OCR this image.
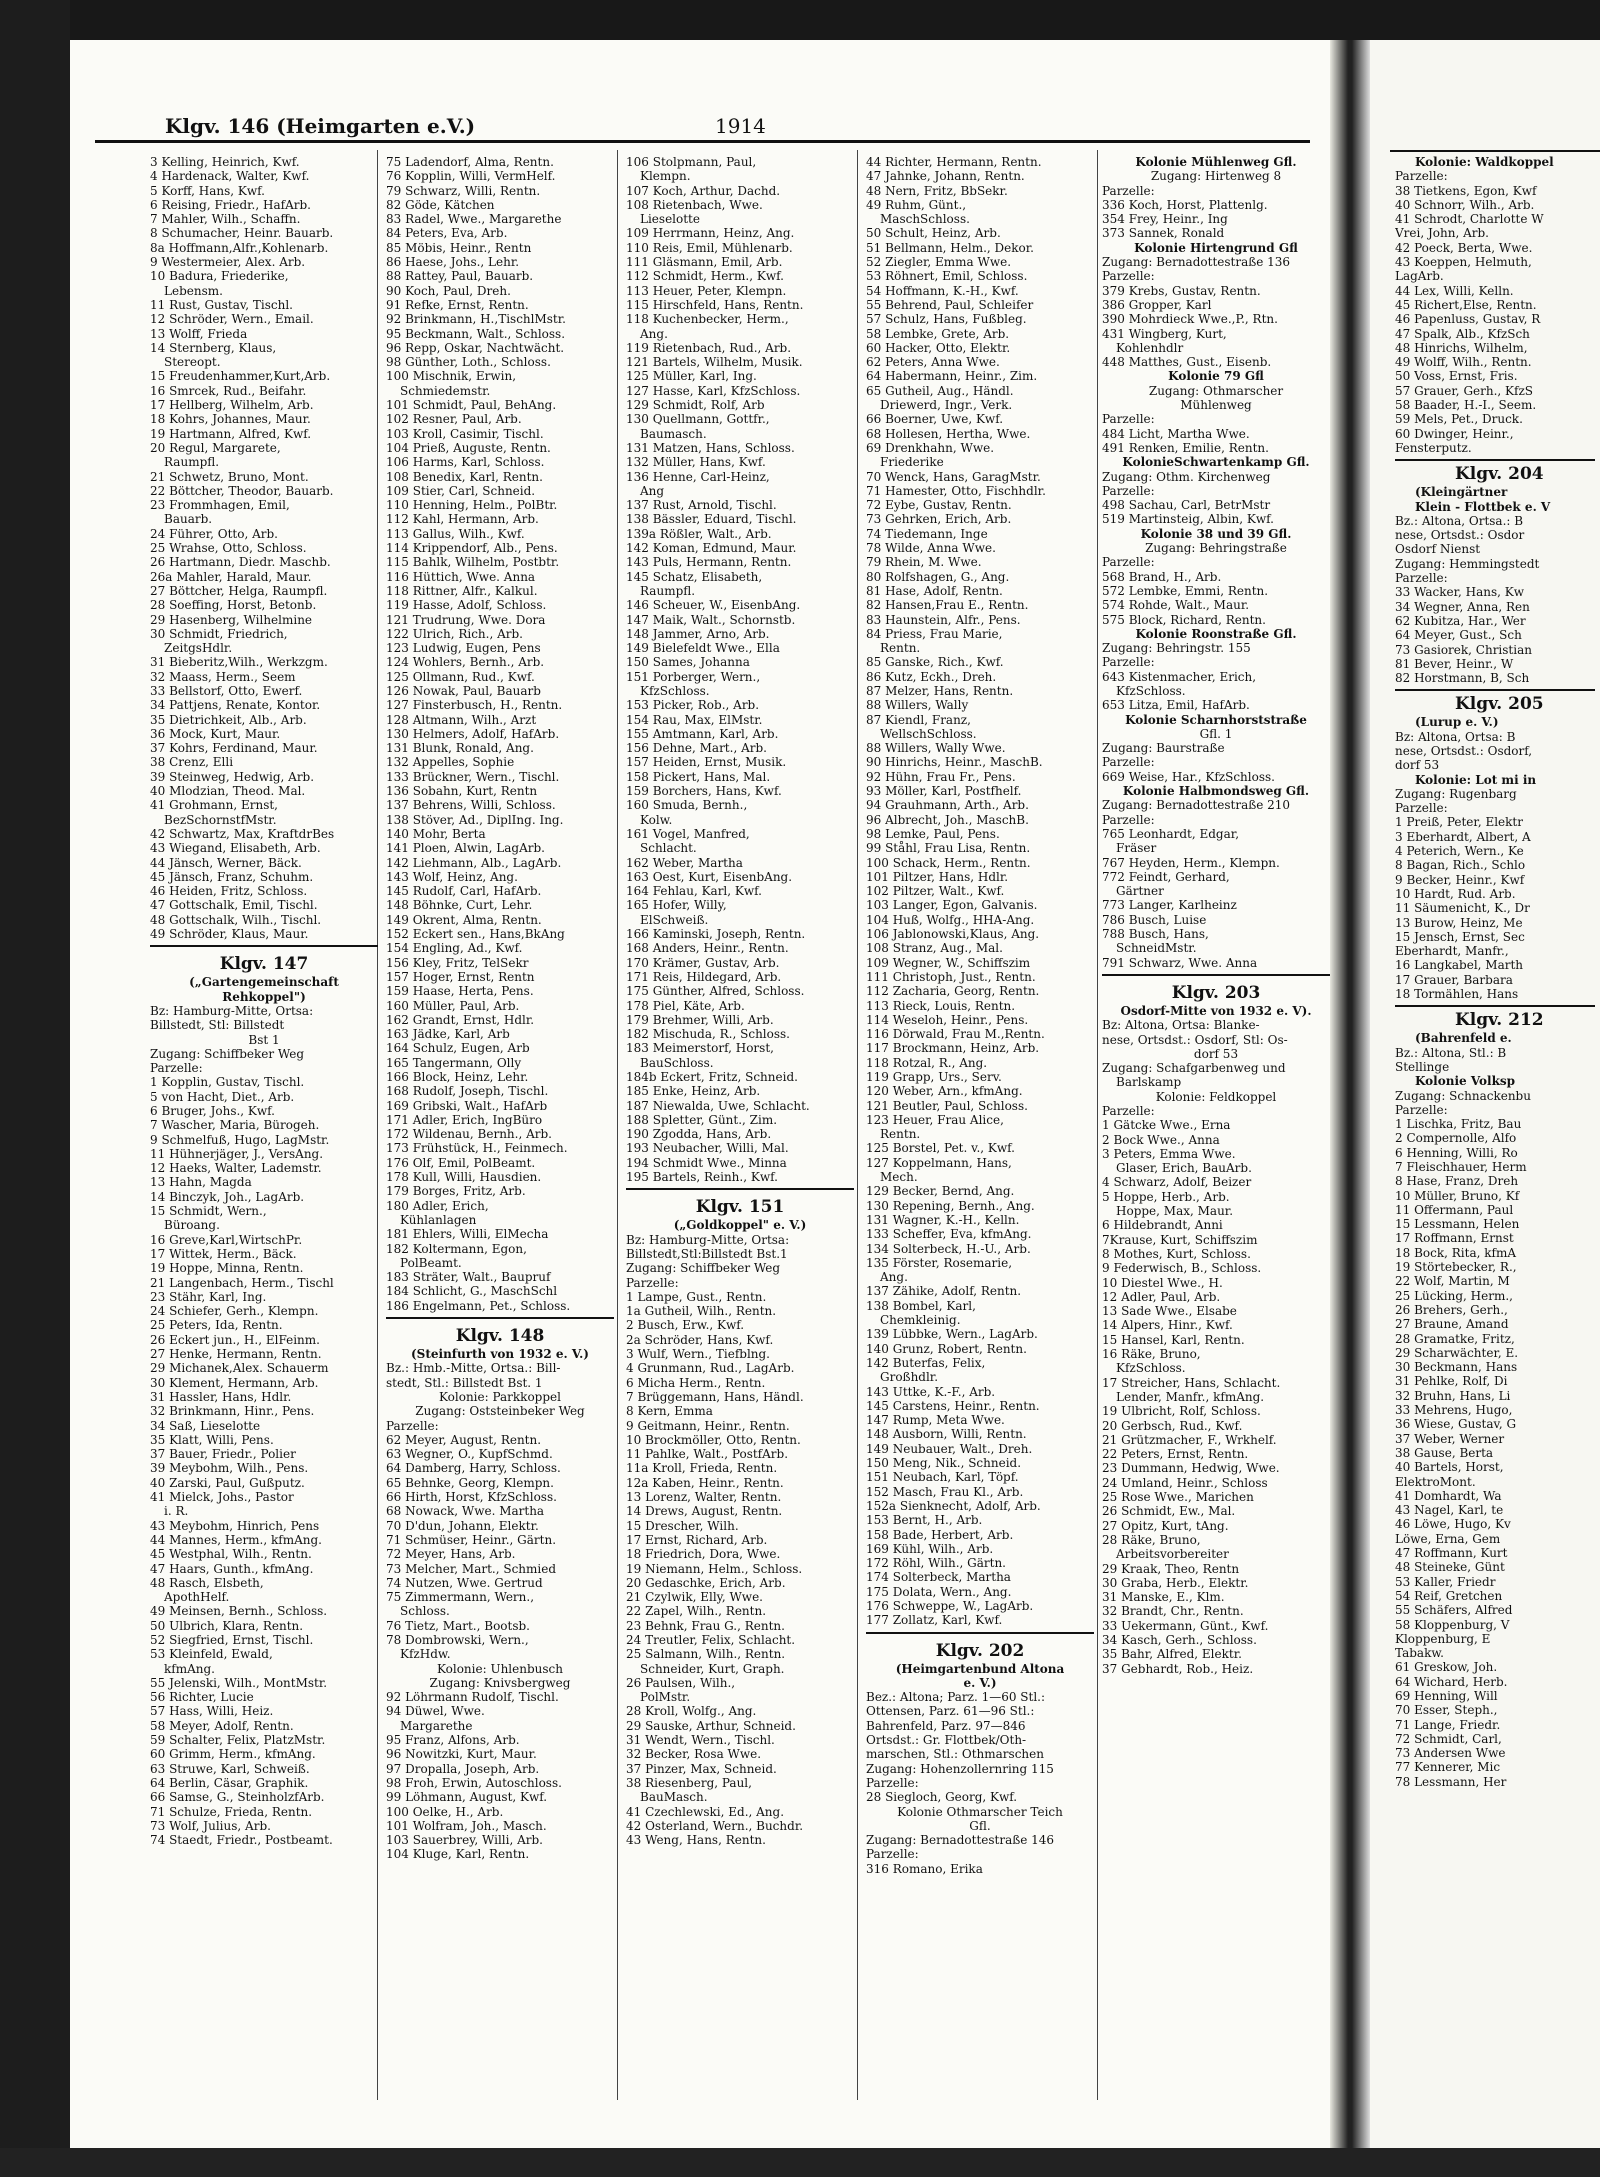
Klgv. 146 (Heimgarten e.V.)	1914
3 Kelling, Heinrich, Kwf.
4 Hardenack, Walter, Kwf.
5 Korff, Hans, Kwf.
6 Reising, Friedr., HafArb.
7 Mahler, Wilh., Schaffn.
8 Schumacher, Heinr. Bauarb.
8a Hoffmann,Alfr.,Kohlenarb.
9 Westermeier, Alex. Arb.
10 Badura, Friederike,
Lebensm.
11 Rust, Gustav, Tischl.
12 Schröder, Wern., Email.
13 Wolff, Frieda
14 Sternberg, Klaus,
Stereopt.
15 Freudenhammer,Kurt,Arb.
16 Smrcek, Rud., Beifahr.
17 Hellberg, Wilhelm, Arb.
18 Kohrs, Johannes, Maur.
19 Hartmann, Alfred, Kwf.
20 Regul, Margarete,
Raumpfl.
21 Schwetz, Bruno, Mont.
22 Böttcher, Theodor, Bauarb.
23 Frommhagen, Emil,
Bauarb.
24 Führer, Otto, Arb.
25 Wrahse, Otto, Schloss.
26 Hartmann, Diedr. Maschb.
26a Mahler, Harald, Maur.
27 Böttcher, Helga, Raumpfl.
28 Soeffing, Horst, Betonb.
29 Hasenberg, Wilhelmine
30 Schmidt, Friedrich,
ZeitgsHdlr.
31 Bieberitz,Wilh., Werkzgm.
32 Maass, Herm., Seem
33 Bellstorf, Otto, Ewerf.
34 Pattjens, Renate, Kontor.
35 Dietrichkeit, Alb., Arb.
36 Mock, Kurt, Maur.
37 Kohrs, Ferdinand, Maur.
38 Crenz, Elli
39 Steinweg, Hedwig, Arb.
40 Mlodzian, Theod. Mal.
41 Grohmann, Ernst,
BezSchornstfMstr.
42 Schwartz, Max, KraftdrBes
43 Wiegand, Elisabeth, Arb.
44 Jänsch, Werner, Bäck.
45 Jänsch, Franz, Schuhm.
46 Heiden, Fritz, Schloss.
47 Gottschalk, Emil, Tischl.
48 Gottschalk, Wilh., Tischl.
49 Schröder, Klaus, Maur.
Klgv. 147
(„Gartengemeinschaft
Rehkoppel")
Bz: Hamburg-Mitte, Ortsa:
Billstedt, Stl: Billstedt
Bst 1
Zugang: Schiffbeker Weg
Parzelle:
1 Kopplin, Gustav, Tischl.
5 von Hacht, Diet., Arb.
6 Bruger, Johs., Kwf.
7 Wascher, Maria, Bürogeh.
9 Schmelfuß, Hugo, LagMstr.
11 Hühnerjäger, J., VersAng.
12 Haeks, Walter, Lademstr.
13 Hahn, Magda
14 Binczyk, Joh., LagArb.
15 Schmidt, Wern.,
Büroang.
16 Greve,Karl,WirtschPr.
17 Wittek, Herm., Bäck.
19 Hoppe, Minna, Rentn.
21 Langenbach, Herm., Tischl
23 Stähr, Karl, Ing.
24 Schiefer, Gerh., Klempn.
25 Peters, Ida, Rentn.
26 Eckert jun., H., ElFeinm.
27 Henke, Hermann, Rentn.
29 Michanek,Alex. Schauerm
30 Klement, Hermann, Arb.
31 Hassler, Hans, Hdlr.
32 Brinkmann, Hinr., Pens.
34 Saß, Lieselotte
35 Klatt, Willi, Pens.
37 Bauer, Friedr., Polier
39 Meybohm, Wilh., Pens.
40 Zarski, Paul, Gußputz.
41 Mielck, Johs., Pastor
i. R.
43 Meybohm, Hinrich, Pens
44 Mannes, Herm., kfmAng.
45 Westphal, Wilh., Rentn.
47 Haars, Gunth., kfmAng.
48 Rasch, Elsbeth,
ApothHelf.
49 Meinsen, Bernh., Schloss.
50 Ulbrich, Klara, Rentn.
52 Siegfried, Ernst, Tischl.
53 Kleinfeld, Ewald,
kfmAng.
55 Jelenski, Wilh., MontMstr.
56 Richter, Lucie
57 Hass, Willi, Heiz.
58 Meyer, Adolf, Rentn.
59 Schalter, Felix, PlatzMstr.
60 Grimm, Herm., kfmAng.
63 Struwe, Karl, Schweiß.
64 Berlin, Cäsar, Graphik.
66 Samse, G., SteinholzfArb.
71 Schulze, Frieda, Rentn.
73 Wolf, Julius, Arb.
74 Staedt, Friedr., Postbeamt.
75 Ladendorf, Alma, Rentn.
76 Kopplin, Willi, VermHelf.
79 Schwarz, Willi, Rentn.
82 Göde, Kätchen
83 Radel, Wwe., Margarethe
84 Peters, Eva, Arb.
85 Möbis, Heinr., Rentn
86 Haese, Johs., Lehr.
88 Rattey, Paul, Bauarb.
90 Koch, Paul, Dreh.
91 Refke, Ernst, Rentn.
92 Brinkmann, H.,TischlMstr.
95 Beckmann, Walt., Schloss.
96 Repp, Oskar, Nachtwächt.
98 Günther, Loth., Schloss.
100 Mischnik, Erwin,
Schmiedemstr.
101 Schmidt, Paul, BehAng.
102 Resner, Paul, Arb.
103 Kroll, Casimir, Tischl.
104 Prieß, Auguste, Rentn.
106 Harms, Karl, Schloss.
108 Benedix, Karl, Rentn.
109 Stier, Carl, Schneid.
110 Henning, Helm., PolBtr.
112 Kahl, Hermann, Arb.
113 Gallus, Wilh., Kwf.
114 Krippendorf, Alb., Pens.
115 Bahlk, Wilhelm, Postbtr.
116 Hüttich, Wwe. Anna
118 Rittner, Alfr., Kalkul.
119 Hasse, Adolf, Schloss.
121 Trudrung, Wwe. Dora
122 Ulrich, Rich., Arb.
123 Ludwig, Eugen, Pens
124 Wohlers, Bernh., Arb.
125 Ollmann, Rud., Kwf.
126 Nowak, Paul, Bauarb
127 Finsterbusch, H., Rentn.
128 Altmann, Wilh., Arzt
130 Helmers, Adolf, HafArb.
131 Blunk, Ronald, Ang.
132 Appelles, Sophie
133 Brückner, Wern., Tischl.
136 Sobahn, Kurt, Rentn
137 Behrens, Willi, Schloss.
138 Stöver, Ad., DiplIng. Ing.
140 Mohr, Berta
141 Ploen, Alwin, LagArb.
142 Liehmann, Alb., LagArb.
143 Wolf, Heinz, Ang.
145 Rudolf, Carl, HafArb.
148 Böhnke, Curt, Lehr.
149 Okrent, Alma, Rentn.
152 Eckert sen., Hans,BkAng
154 Engling, Ad., Kwf.
156 Kley, Fritz, TelSekr
157 Hoger, Ernst, Rentn
159 Haase, Herta, Pens.
160 Müller, Paul, Arb.
162 Grandt, Ernst, Hdlr.
163 Jädke, Karl, Arb
164 Schulz, Eugen, Arb
165 Tangermann, Olly
166 Block, Heinz, Lehr.
168 Rudolf, Joseph, Tischl.
169 Gribski, Walt., HafArb
171 Adler, Erich, IngBüro
172 Wildenau, Bernh., Arb.
173 Frühstück, H., Feinmech.
176 Olf, Emil, PolBeamt.
178 Kull, Willi, Hausdien.
179 Borges, Fritz, Arb.
180 Adler, Erich,
Kühlanlagen
181 Ehlers, Willi, ElMecha
182 Koltermann, Egon,
PolBeamt.
183 Sträter, Walt., Baupruf
184 Schlicht, G., MaschSchl
186 Engelmann, Pet., Schloss.
Klgv. 148
(Steinfurth von 1932 e. V.)
Bz.: Hmb.-Mitte, Ortsa.: Bill-
stedt, Stl.: Billstedt Bst. 1
Kolonie: Parkkoppel
Zugang: Oststeinbeker Weg
Parzelle:
62 Meyer, August, Rentn.
63 Wegner, O., KupfSchmd.
64 Damberg, Harry, Schloss.
65 Behnke, Georg, Klempn.
66 Hirth, Horst, KfzSchloss.
68 Nowack, Wwe. Martha
70 D'dun, Johann, Elektr.
71 Schmüser, Heinr., Gärtn.
72 Meyer, Hans, Arb.
73 Melcher, Mart., Schmied
74 Nutzen, Wwe. Gertrud
75 Zimmermann, Wern.,
Schloss.
76 Tietz, Mart., Bootsb.
78 Dombrowski, Wern.,
KfzHdw.
Kolonie: Uhlenbusch
Zugang: Knivsbergweg
92 Löhrmann Rudolf, Tischl.
94 Düwel, Wwe.
Margarethe
95 Franz, Alfons, Arb.
96 Nowitzki, Kurt, Maur.
97 Dropalla, Joseph, Arb.
98 Froh, Erwin, Autoschloss.
99 Löhmann, August, Kwf.
100 Oelke, H., Arb.
101 Wolfram, Joh., Masch.
103 Sauerbrey, Willi, Arb.
104 Kluge, Karl, Rentn.
106 Stolpmann, Paul,
Klempn.
107 Koch, Arthur, Dachd.
108 Rietenbach, Wwe.
Lieselotte
109 Herrmann, Heinz, Ang.
110 Reis, Emil, Mühlenarb.
111 Gläsmann, Emil, Arb.
112 Schmidt, Herm., Kwf.
113 Heuer, Peter, Klempn.
115 Hirschfeld, Hans, Rentn.
118 Kuchenbecker, Herm.,
Ang.
119 Rietenbach, Rud., Arb.
121 Bartels, Wilhelm, Musik.
125 Müller, Karl, Ing.
127 Hasse, Karl, KfzSchloss.
129 Schmidt, Rolf, Arb
130 Quellmann, Gottfr.,
Baumasch.
131 Matzen, Hans, Schloss.
132 Müller, Hans, Kwf.
136 Henne, Carl-Heinz,
Ang
137 Rust, Arnold, Tischl.
138 Bässler, Eduard, Tischl.
139a Rößler, Walt., Arb.
142 Koman, Edmund, Maur.
143 Puls, Hermann, Rentn.
145 Schatz, Elisabeth,
Raumpfl.
146 Scheuer, W., EisenbAng.
147 Maik, Walt., Schornstb.
148 Jammer, Arno, Arb.
149 Bielefeldt Wwe., Ella
150 Sames, Johanna
151 Porberger, Wern.,
KfzSchloss.
153 Picker, Rob., Arb.
154 Rau, Max, ElMstr.
155 Amtmann, Karl, Arb.
156 Dehne, Mart., Arb.
157 Heiden, Ernst, Musik.
158 Pickert, Hans, Mal.
159 Borchers, Hans, Kwf.
160 Smuda, Bernh.,
Kolw.
161 Vogel, Manfred,
Schlacht.
162 Weber, Martha
163 Oest, Kurt, EisenbAng.
164 Fehlau, Karl, Kwf.
165 Hofer, Willy,
ElSchweiß.
166 Kaminski, Joseph, Rentn.
168 Anders, Heinr., Rentn.
170 Krämer, Gustav, Arb.
171 Reis, Hildegard, Arb.
175 Günther, Alfred, Schloss.
178 Piel, Käte, Arb.
179 Brehmer, Willi, Arb.
182 Mischuda, R., Schloss.
183 Meimerstorf, Horst,
BauSchloss.
184b Eckert, Fritz, Schneid.
185 Enke, Heinz, Arb.
187 Niewalda, Uwe, Schlacht.
188 Spletter, Günt., Zim.
190 Zgodda, Hans, Arb.
193 Neubacher, Willi, Mal.
194 Schmidt Wwe., Minna
195 Bartels, Reinh., Kwf.
Klgv. 151
(„Goldkoppel" e. V.)
Bz: Hamburg-Mitte, Ortsa:
Billstedt,Stl:Billstedt Bst.1
Zugang: Schiffbeker Weg
Parzelle:
1 Lampe, Gust., Rentn.
1a Gutheil, Wilh., Rentn.
2 Busch, Erw., Kwf.
2a Schröder, Hans, Kwf.
3 Wulf, Wern., Tiefblng.
4 Grunmann, Rud., LagArb.
6 Micha Herm., Rentn.
7 Brüggemann, Hans, Händl.
8 Kern, Emma
9 Geitmann, Heinr., Rentn.
10 Brockmöller, Otto, Rentn.
11 Pahlke, Walt., PostfArb.
11a Kroll, Frieda, Rentn.
12a Kaben, Heinr., Rentn.
13 Lorenz, Walter, Rentn.
14 Drews, August, Rentn.
15 Drescher, Wilh.
17 Ernst, Richard, Arb.
18 Friedrich, Dora, Wwe.
19 Niemann, Helm., Schloss.
20 Gedaschke, Erich, Arb.
21 Czylwik, Elly, Wwe.
22 Zapel, Wilh., Rentn.
23 Behnk, Frau G., Rentn.
24 Treutler, Felix, Schlacht.
25 Salmann, Wilh., Rentn.
Schneider, Kurt, Graph.
26 Paulsen, Wilh.,
PolMstr.
28 Kroll, Wolfg., Ang.
29 Sauske, Arthur, Schneid.
31 Wendt, Wern., Tischl.
32 Becker, Rosa Wwe.
37 Pinzer, Max, Schneid.
38 Riesenberg, Paul,
BauMasch.
41 Czechlewski, Ed., Ang.
42 Osterland, Wern., Buchdr.
43 Weng, Hans, Rentn.
44 Richter, Hermann, Rentn.
47 Jahnke, Johann, Rentn.
48 Nern, Fritz, BbSekr.
49 Ruhm, Günt.,
MaschSchloss.
50 Schult, Heinz, Arb.
51 Bellmann, Helm., Dekor.
52 Ziegler, Emma Wwe.
53 Röhnert, Emil, Schloss.
54 Hoffmann, K.-H., Kwf.
55 Behrend, Paul, Schleifer
57 Schulz, Hans, Fußbleg.
58 Lembke, Grete, Arb.
60 Hacker, Otto, Elektr.
62 Peters, Anna Wwe.
64 Habermann, Heinr., Zim.
65 Gutheil, Aug., Händl.
Driewerd, Ingr., Verk.
66 Boerner, Uwe, Kwf.
68 Hollesen, Hertha, Wwe.
69 Drenkhahn, Wwe.
Friederike
70 Wenck, Hans, GaragMstr.
71 Hamester, Otto, Fischhdlr.
72 Eybe, Gustav, Rentn.
73 Gehrken, Erich, Arb.
74 Tiedemann, Inge
78 Wilde, Anna Wwe.
79 Rhein, M. Wwe.
80 Rolfshagen, G., Ang.
81 Hase, Adolf, Rentn.
82 Hansen,Frau E., Rentn.
83 Haunstein, Alfr., Pens.
84 Priess, Frau Marie,
Rentn.
85 Ganske, Rich., Kwf.
86 Kutz, Eckh., Dreh.
87 Melzer, Hans, Rentn.
88 Willers, Wally
87 Kiendl, Franz,
WellschSchloss.
88 Willers, Wally Wwe.
90 Hinrichs, Heinr., MaschB.
92 Hühn, Frau Fr., Pens.
93 Möller, Karl, Postfhelf.
94 Grauhmann, Arth., Arb.
96 Albrecht, Joh., MaschB.
98 Lemke, Paul, Pens.
99 Ståhl, Frau Lisa, Rentn.
100 Schack, Herm., Rentn.
101 Piltzer, Hans, Hdlr.
102 Piltzer, Walt., Kwf.
103 Langer, Egon, Galvanis.
104 Huß, Wolfg., HHA-Ang.
106 Jablonowski,Klaus, Ang.
108 Stranz, Aug., Mal.
109 Wegner, W., Schiffszim
111 Christoph, Just., Rentn.
112 Zacharia, Georg, Rentn.
113 Rieck, Louis, Rentn.
114 Weseloh, Heinr., Pens.
116 Dörwald, Frau M.,Rentn.
117 Brockmann, Heinz, Arb.
118 Rotzal, R., Ang.
119 Grapp, Urs., Serv.
120 Weber, Arn., kfmAng.
121 Beutler, Paul, Schloss.
123 Heuer, Frau Alice,
Rentn.
125 Borstel, Pet. v., Kwf.
127 Koppelmann, Hans,
Mech.
129 Becker, Bernd, Ang.
130 Repening, Bernh., Ang.
131 Wagner, K.-H., Kelln.
133 Scheffer, Eva, kfmAng.
134 Solterbeck, H.-U., Arb.
135 Förster, Rosemarie,
Ang.
137 Zähike, Adolf, Rentn.
138 Bombel, Karl,
Chemkleinig.
139 Lübbke, Wern., LagArb.
140 Grunz, Robert, Rentn.
142 Buterfas, Felix,
Großhdlr.
143 Uttke, K.-F., Arb.
145 Carstens, Heinr., Rentn.
147 Rump, Meta Wwe.
148 Ausborn, Willi, Rentn.
149 Neubauer, Walt., Dreh.
150 Meng, Nik., Schneid.
151 Neubach, Karl, Töpf.
152 Masch, Frau Kl., Arb.
152a Sienknecht, Adolf, Arb.
153 Bernt, H., Arb.
158 Bade, Herbert, Arb.
169 Kühl, Wilh., Arb.
172 Röhl, Wilh., Gärtn.
174 Solterbeck, Martha
175 Dolata, Wern., Ang.
176 Schweppe, W., LagArb.
177 Zollatz, Karl, Kwf.
Klgv. 202
(Heimgartenbund Altona
e. V.)
Bez.: Altona; Parz. 1—60 Stl.:
Ottensen, Parz. 61—96 Stl.:
Bahrenfeld, Parz. 97—846
Ortsdst.: Gr. Flottbek/Oth-
marschen, Stl.: Othmarschen
Zugang: Hohenzollernring 115
Parzelle:
28 Siegloch, Georg, Kwf.
Kolonie Othmarscher Teich
Gfl.
Zugang: Bernadottestraße 146
Parzelle:
316 Romano, Erika
Kolonie Mühlenweg Gfl.
Zugang: Hirtenweg 8
Parzelle:
336 Koch, Horst, Plattenlg.
354 Frey, Heinr., Ing
373 Sannek, Ronald
Kolonie Hirtengrund Gfl
Zugang: Bernadottestraße 136
Parzelle:
379 Krebs, Gustav, Rentn.
386 Gropper, Karl
390 Mohrdieck Wwe.,P., Rtn.
431 Wingberg, Kurt,
Kohlenhdlr
448 Matthes, Gust., Eisenb.
Kolonie 79 Gfl
Zugang: Othmarscher
Mühlenweg
Parzelle:
484 Licht, Martha Wwe.
491 Renken, Emilie, Rentn.
KolonieSchwartenkamp Gfl.
Zugang: Othm. Kirchenweg
Parzelle:
498 Sachau, Carl, BetrMstr
519 Martinsteig, Albin, Kwf.
Kolonie 38 und 39 Gfl.
Zugang: Behringstraße
Parzelle:
568 Brand, H., Arb.
572 Lembke, Emmi, Rentn.
574 Rohde, Walt., Maur.
575 Block, Richard, Rentn.
Kolonie Roonstraße Gfl.
Zugang: Behringstr. 155
Parzelle:
643 Kistenmacher, Erich,
KfzSchloss.
653 Litza, Emil, HafArb.
Kolonie Scharnhorststraße
Gfl. 1
Zugang: Baurstraße
Parzelle:
669 Weise, Har., KfzSchloss.
Kolonie Halbmondsweg Gfl.
Zugang: Bernadottestraße 210
Parzelle:
765 Leonhardt, Edgar,
Fräser
767 Heyden, Herm., Klempn.
772 Feindt, Gerhard,
Gärtner
773 Langer, Karlheinz
786 Busch, Luise
788 Busch, Hans,
SchneidMstr.
791 Schwarz, Wwe. Anna
Klgv. 203
Osdorf-Mitte von 1932 e. V).
Bz: Altona, Ortsa: Blanke-
nese, Ortsdst.: Osdorf, Stl: Os-
dorf 53
Zugang: Schafgarbenweg und
Barlskamp
Kolonie: Feldkoppel
Parzelle:
1 Gätcke Wwe., Erna
2 Bock Wwe., Anna
3 Peters, Emma Wwe.
Glaser, Erich, BauArb.
4 Schwarz, Adolf, Beizer
5 Hoppe, Herb., Arb.
Hoppe, Max, Maur.
6 Hildebrandt, Anni
7Krause, Kurt, Schiffszim
8 Mothes, Kurt, Schloss.
9 Federwisch, B., Schloss.
10 Diestel Wwe., H.
12 Adler, Paul, Arb.
13 Sade Wwe., Elsabe
14 Alpers, Hinr., Kwf.
15 Hansel, Karl, Rentn.
16 Räke, Bruno,
KfzSchloss.
17 Streicher, Hans, Schlacht.
Lender, Manfr., kfmAng.
19 Ulbricht, Rolf, Schloss.
20 Gerbsch, Rud., Kwf.
21 Grützmacher, F., Wrkhelf.
22 Peters, Ernst, Rentn.
23 Dummann, Hedwig, Wwe.
24 Umland, Heinr., Schloss
25 Rose Wwe., Marichen
26 Schmidt, Ew., Mal.
27 Opitz, Kurt, tAng.
28 Räke, Bruno,
Arbeitsvorbereiter
29 Kraak, Theo, Rentn
30 Graba, Herb., Elektr.
31 Manske, E., Klm.
32 Brandt, Chr., Rentn.
33 Uekermann, Günt., Kwf.
34 Kasch, Gerh., Schloss.
35 Bahr, Alfred, Elektr.
37 Gebhardt, Rob., Heiz.
Kolonie: Waldkoppel
Parzelle:
38 Tietkens, Egon, Kwf
40 Schnorr, Wilh., Arb.
41 Schrodt, Charlotte W
Vrei, John, Arb.
42 Poeck, Berta, Wwe.
43 Koeppen, Helmuth,
LagArb.
44 Lex, Willi, Kelln.
45 Richert,Else, Rentn.
46 Papenluss, Gustav, R
47 Spalk, Alb., KfzSch
48 Hinrichs, Wilhelm,
49 Wolff, Wilh., Rentn.
50 Voss, Ernst, Fris.
57 Grauer, Gerh., KfzS
58 Baader, H.-I., Seem.
59 Mels, Pet., Druck.
60 Dwinger, Heinr.,
Fensterputz.
Klgv. 204
(Kleingärtner
Klein - Flottbek e. V
Bz.: Altona, Ortsa.: B
nese, Ortsdst.: Osdor
Osdorf Nienst
Zugang: Hemmingstedt
Parzelle:
33 Wacker, Hans, Kw
34 Wegner, Anna, Ren
62 Kubitza, Har., Wer
64 Meyer, Gust., Sch
73 Gasiorek, Christian
81 Bever, Heinr., W
82 Horstmann, B, Sch
Klgv. 205
(Lurup e. V.)
Bz: Altona, Ortsa: B
nese, Ortsdst.: Osdorf,
dorf 53
Kolonie: Lot mi in
Zugang: Rugenbarg
Parzelle:
1 Preiß, Peter, Elektr
3 Eberhardt, Albert, A
4 Peterich, Wern., Ke
8 Bagan, Rich., Schlo
9 Becker, Heinr., Kwf
10 Hardt, Rud. Arb.
11 Säumenicht, K., Dr
13 Burow, Heinz, Me
15 Jensch, Ernst, Sec
Eberhardt, Manfr.,
16 Langkabel, Marth
17 Grauer, Barbara
18 Tormählen, Hans
Klgv. 212
(Bahrenfeld e.
Bz.: Altona, Stl.: B
Stellinge
Kolonie Volksp
Zugang: Schnackenbu
Parzelle:
1 Lischka, Fritz, Bau
2 Compernolle, Alfo
6 Henning, Willi, Ro
7 Fleischhauer, Herm
8 Hase, Franz, Dreh
10 Müller, Bruno, Kf
11 Offermann, Paul
15 Lessmann, Helen
17 Roffmann, Ernst
18 Bock, Rita, kfmA
19 Störtebecker, R.,
22 Wolf, Martin, M
25 Lücking, Herm.,
26 Brehers, Gerh.,
27 Braune, Amand
28 Gramatke, Fritz,
29 Scharwächter, E.
30 Beckmann, Hans
31 Pehlke, Rolf, Di
32 Bruhn, Hans, Li
33 Mehrens, Hugo,
36 Wiese, Gustav, G
37 Weber, Werner
38 Gause, Berta
40 Bartels, Horst,
ElektroMont.
41 Domhardt, Wa
43 Nagel, Karl, te
46 Löwe, Hugo, Kv
Löwe, Erna, Gem
47 Roffmann, Kurt
48 Steineke, Günt
53 Kaller, Friedr
54 Reif, Gretchen
55 Schäfers, Alfred
58 Kloppenburg, V
Kloppenburg, E
Tabakw.
61 Greskow, Joh.
64 Wichard, Herb.
69 Henning, Will
70 Esser, Steph.,
71 Lange, Friedr.
72 Schmidt, Carl,
73 Andersen Wwe
77 Kennerer, Mic
78 Lessmann, Her
